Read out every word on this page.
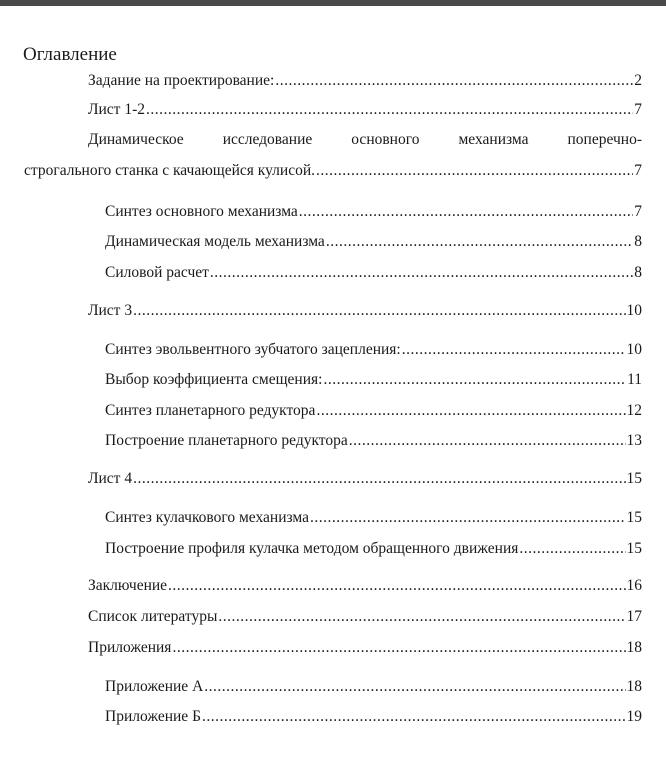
Оглавление
Задание на проектирование: .....	2
Лист 1-2 .....	7
Динамическое	исследование	основного	механизма	поперечно-
строгального станка с качающейся кулисой. .....	7
Синтез основного механизма .....	7
Динамическая модель механизма .....	8
Силовой расчет .....	8
Лист 3 .....	10
Синтез эвольвентного зубчатого зацепления: .....	10
Выбор коэффициента смещения: .....	11
Синтез планетарного редуктора .....	12
Построение планетарного редуктора .....	13
Лист 4 .....	15
Синтез кулачкового механизма .....	15
Построение профиля кулачка методом обращенного движения .....	15
Заключение .....	16
Список литературы .....	17
Приложения .....	18
Приложение А .....	18
Приложение Б .....	19
